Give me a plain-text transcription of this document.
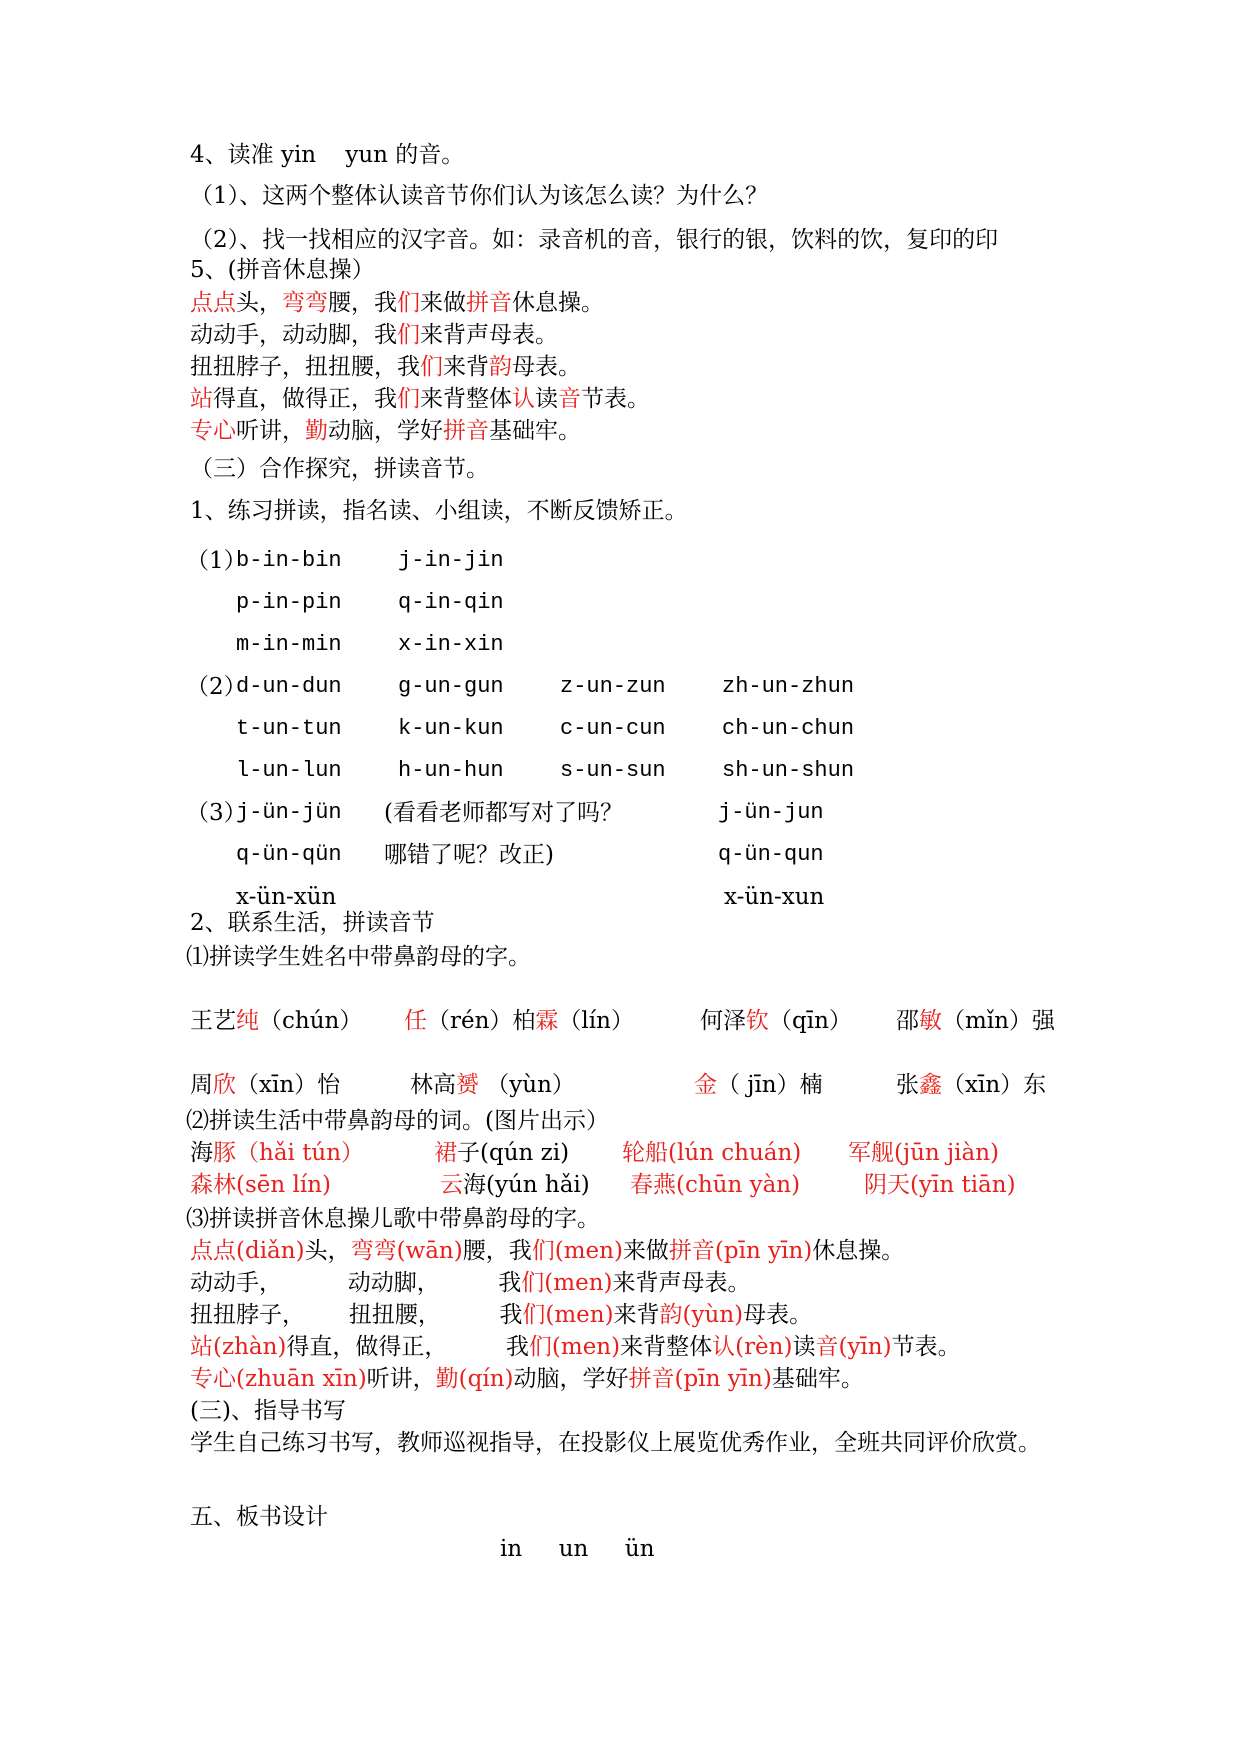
4、读准 yin    yun 的音。
（1）、这两个整体认读音节你们认为该怎么读？为什么？
（2）、找一找相应的汉字音。如：录音机的音，银行的银，饮料的饮，复印的印
5、(拼音休息操）
点点头，弯弯腰，我们来做拼音休息操。
动动手，动动脚，我们来背声母表。
扭扭脖子，扭扭腰，我们来背韵母表。
站得直，做得正，我们来背整体认读音节表。
专心听讲，勤动脑，学好拼音基础牢。
（三）合作探究，拼读音节。
1、练习拼读，指名读、小组读，不断反馈矫正。
2、联系生活，拼读音节
⑴拼读学生姓名中带鼻韵母的字。
⑵拼读生活中带鼻韵母的词。(图片出示）
⑶拼读拼音休息操儿歌中带鼻韵母的字。
点点(diǎn)头，弯弯(wān)腰，我们(men)来做拼音(pīn yīn)休息操。
动动手，         动动脚，        我们(men)来背声母表。
扭扭脖子，      扭扭腰，        我们(men)来背韵(yùn)母表。
站(zhàn)得直，做得正，        我们(men)来背整体认(rèn)读音(yīn)节表。
专心(zhuān xīn)听讲，勤(qín)动脑，学好拼音(pīn yīn)基础牢。
(三)、指导书写
学生自己练习书写，教师巡视指导，在投影仪上展览优秀作业，全班共同评价欣赏。
五、板书设计
in     un     ün
（1）
b-in-bin	j-in-jin
p-in-pin	q-in-qin
m-in-min	x-in-xin
（2）
d-un-dun	g-un-gun	z-un-zun	zh-un-zhun
t-un-tun	k-un-kun	c-un-cun	ch-un-chun
l-un-lun	h-un-hun	s-un-sun	sh-un-shun
（3）
j-ün-jün (看看老师都写对了吗？	j-ün-jun
q-ün-qün 哪错了呢？改正)	q-ün-qun
x-ün-xün	x-ün-xun
王艺纯（chún） 任（rén）柏霖（lín）	何泽钦（qīn） 邵敏（mǐn）强
周欣（xīn）怡	林高赟 （yùn）	金（ jīn）楠	张鑫（xīn）东
海豚（hǎi tún）	裙子(qún zi) 轮船(lún chuán) 军舰(jūn jiàn)
森林(sēn lín)	云海(yún hǎi) 春燕(chūn yàn)	阴天(yīn tiān)
